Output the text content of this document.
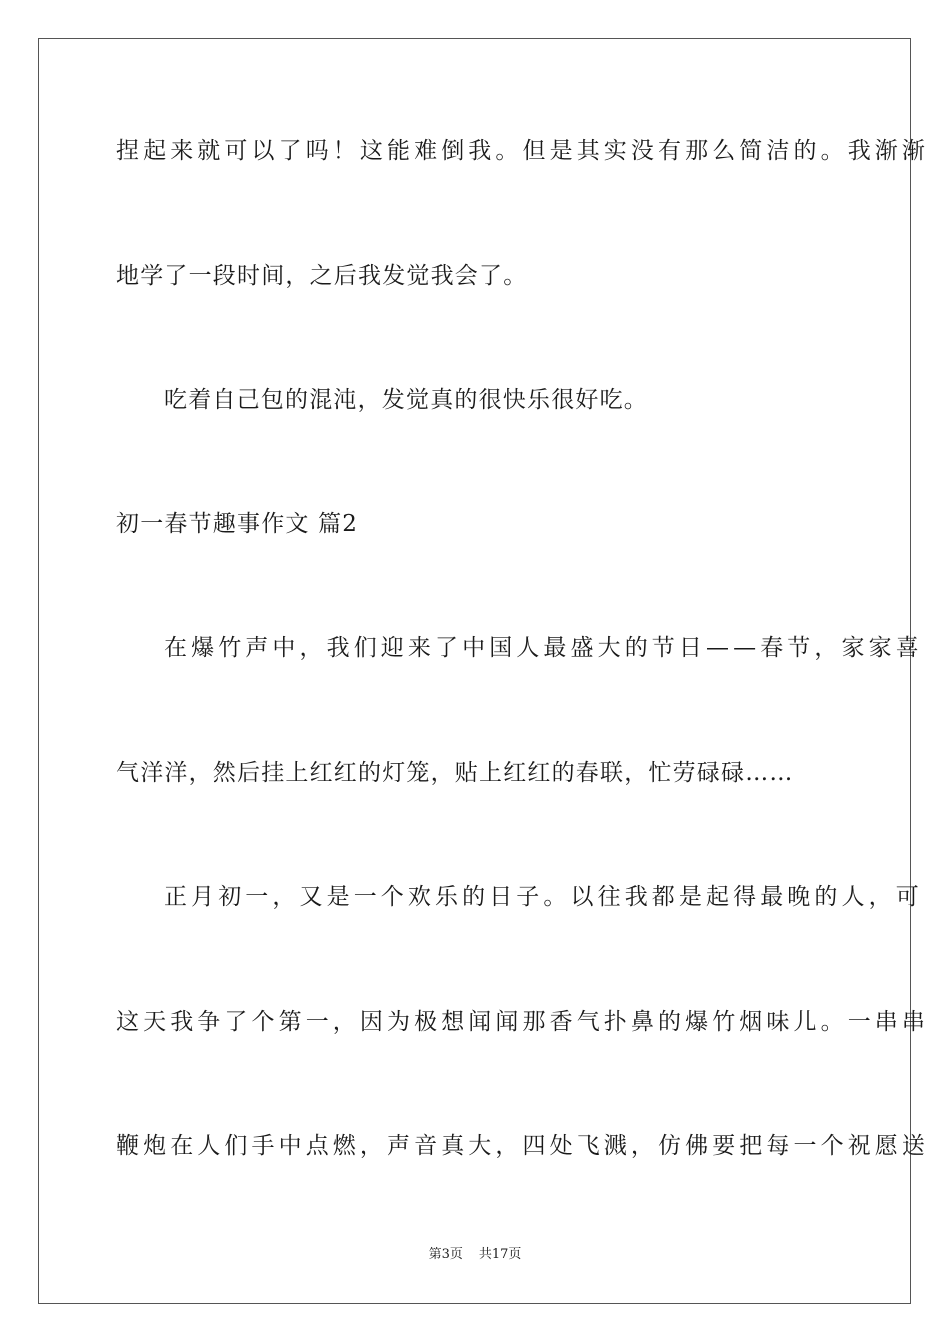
捏起来就可以了吗！这能难倒我。但是其实没有那么简洁的。我渐渐
地学了一段时间，之后我发觉我会了。
吃着自己包的混沌，发觉真的很快乐很好吃。
初一春节趣事作文 篇2
在爆竹声中，我们迎来了中国人最盛大的节日——春节，家家喜
气洋洋，然后挂上红红的灯笼，贴上红红的春联，忙劳碌碌……
正月初一，又是一个欢乐的日子。以往我都是起得最晚的人，可
这天我争了个第一，因为极想闻闻那香气扑鼻的爆竹烟味儿。一串串
鞭炮在人们手中点燃，声音真大，四处飞溅，仿佛要把每一个祝愿送
第3页 共17页
